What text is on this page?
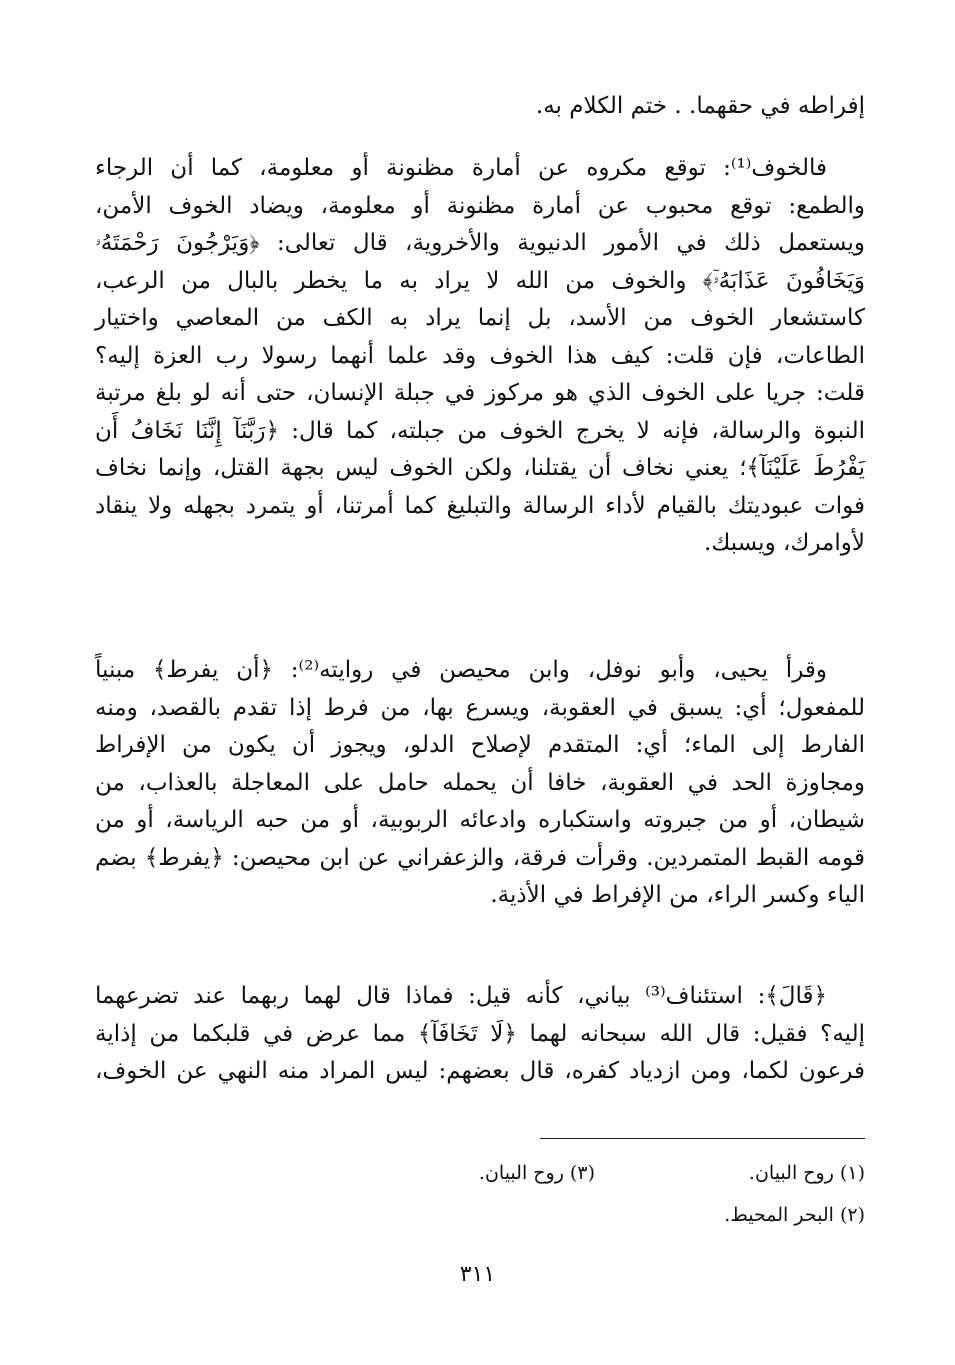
إفراطه في حقهما. . ختم الكلام به.

فالخوف⁽¹⁾: توقع مكروه عن أمارة مظنونة أو معلومة، كما أن الرجاء
والطمع: توقع محبوب عن أمارة مظنونة أو معلومة، ويضاد الخوف الأمن،
ويستعمل ذلك في الأمور الدنيوية والأخروية، قال تعالى: ﴿وَيَرْجُونَ رَحْمَتَهُۥ
وَيَخَافُونَ عَذَابَهُۥٓ﴾ والخوف من الله لا يراد به ما يخطر بالبال من الرعب،
كاستشعار الخوف من الأسد، بل إنما يراد به الكف من المعاصي واختيار
الطاعات، فإن قلت: كيف هذا الخوف وقد علما أنهما رسولا رب العزة إليه؟
قلت: جريا على الخوف الذي هو مركوز في جبلة الإنسان، حتى أنه لو بلغ مرتبة
النبوة والرسالة، فإنه لا يخرج الخوف من جبلته، كما قال: ﴿رَبَّنَآ إِنَّنَا نَخَافُ أَن
يَفْرُطَ عَلَيْنَآ﴾؛ يعني نخاف أن يقتلنا، ولكن الخوف ليس بجهة القتل، وإنما نخاف
فوات عبوديتك بالقيام لأداء الرسالة والتبليغ كما أمرتنا، أو يتمرد بجهله ولا ينقاد
لأوامرك، ويسبك.
وقرأ يحيى، وأبو نوفل، وابن محيصن في روايته⁽²⁾: ﴿أن يفرط﴾ مبنياً
للمفعول؛ أي: يسبق في العقوبة، ويسرع بها، من فرط إذا تقدم بالقصد، ومنه
الفارط إلى الماء؛ أي: المتقدم لإصلاح الدلو، ويجوز أن يكون من الإفراط
ومجاوزة الحد في العقوبة، خافا أن يحمله حامل على المعاجلة بالعذاب، من
شيطان، أو من جبروته واستكباره وادعائه الربوبية، أو من حبه الرياسة، أو من
قومه القبط المتمردين. وقرأت فرقة، والزعفراني عن ابن محيصن: ﴿يفرط﴾ بضم
الياء وكسر الراء، من الإفراط في الأذية.
﴿قَالَ﴾: استئناف⁽³⁾ بياني، كأنه قيل: فماذا قال لهما ربهما عند تضرعهما
إليه؟ فقيل: قال الله سبحانه لهما ﴿لَا تَخَافَآ﴾ مما عرض في قلبكما من إذاية
فرعون لكما، ومن ازدياد كفره، قال بعضهم: ليس المراد منه النهي عن الخوف،
(١) روح البيان.
(٣) روح البيان.
(٢) البحر المحيط.
٣١١
